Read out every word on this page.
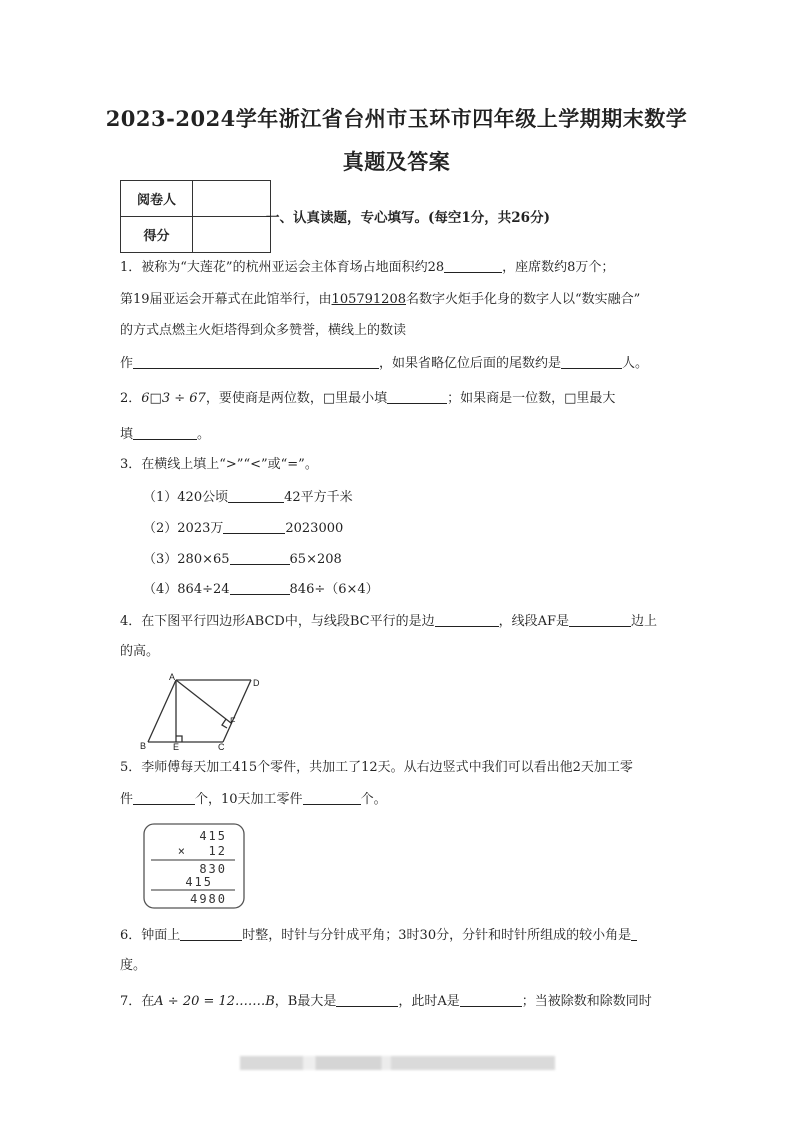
2023-2024学年浙江省台州市玉环市四年级上学期期末数学
真题及答案
阅卷人	
得分	
一、认真读题，专心填写。(每空1分，共26分)
1．被称为“大莲花”的杭州亚运会主体育场占地面积约28	，座席数约8万个；
第19届亚运会开幕式在此馆举行，由105791208名数字火炬手化身的数字人以“数实融合”
的方式点燃主火炬塔得到众多赞誉，横线上的数读
作	，如果省略亿位后面的尾数约是	人。
2．6□3 ÷ 67，要使商是两位数，□里最小填	；如果商是一位数，□里最大
填	。
3．在横线上填上“>”“<”或“=”。
（1）420公顷	42平方千米
（2）2023万	2023000
（3）280×65	65×208
（4）864÷24	846÷（6×4）
4．在下图平行四边形ABCD中，与线段BC平行的是边	，线段AF是	边上
的高。
A
D
B	E	C
F
5．李师傅每天加工415个零件，共加工了12天。从右边竖式中我们可以看出他2天加工零
件	个，10天加工零件	个。
415
× 12
830
415
4980
6．钟面上	时整，时针与分针成平角；3时30分，分针和时针所组成的较小角是
度。
7．在A ÷ 20 = 12.……B，B最大是	，此时A是	；当被除数和除数同时
